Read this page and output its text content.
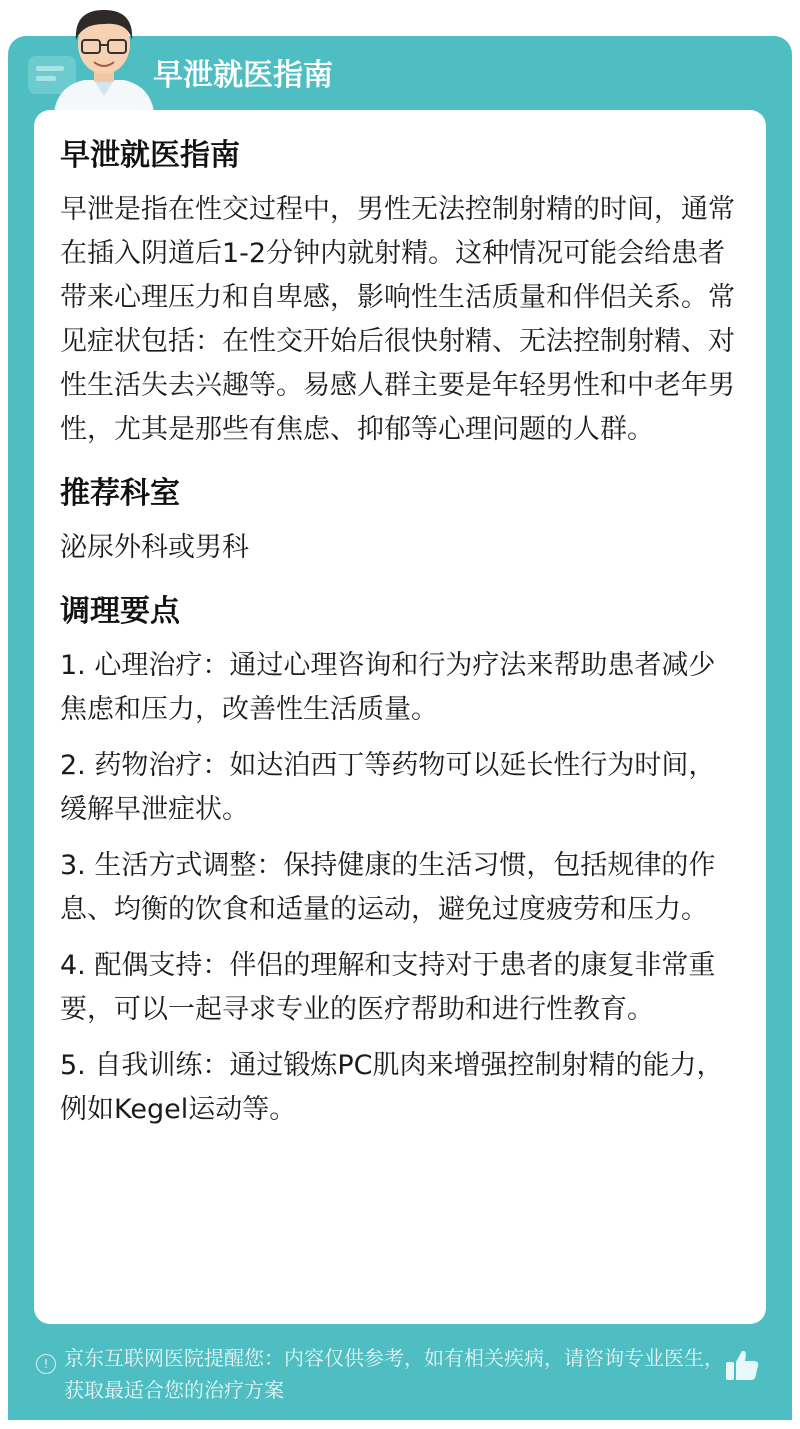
早泄就医指南
早泄就医指南
早泄是指在性交过程中，男性无法控制射精的时间，通常在插入阴道后1-2分钟内就射精。这种情况可能会给患者带来心理压力和自卑感，影响性生活质量和伴侣关系。常见症状包括：在性交开始后很快射精、无法控制射精、对性生活失去兴趣等。易感人群主要是年轻男性和中老年男性，尤其是那些有焦虑、抑郁等心理问题的人群。
推荐科室
泌尿外科或男科
调理要点
1. 心理治疗：通过心理咨询和行为疗法来帮助患者减少焦虑和压力，改善性生活质量。
2. 药物治疗：如达泊西丁等药物可以延长性行为时间，缓解早泄症状。
3. 生活方式调整：保持健康的生活习惯，包括规律的作息、均衡的饮食和适量的运动，避免过度疲劳和压力。
4. 配偶支持：伴侣的理解和支持对于患者的康复非常重要，可以一起寻求专业的医疗帮助和进行性教育。
5. 自我训练：通过锻炼PC肌肉来增强控制射精的能力，例如Kegel运动等。
! 京东互联网医院提醒您：内容仅供参考，如有相关疾病，请咨询专业医生，获取最适合您的治疗方案
